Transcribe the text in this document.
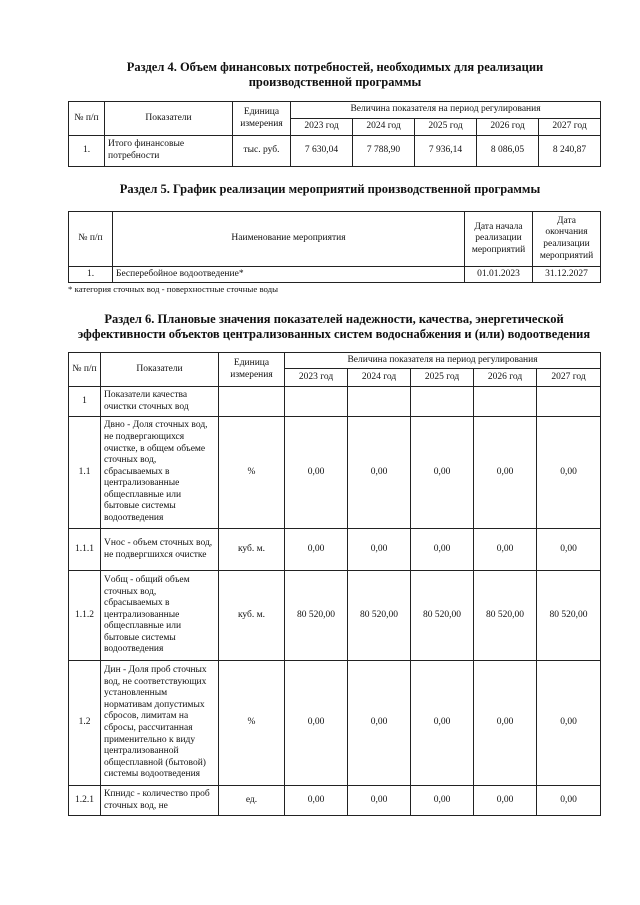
Раздел 4. Объем финансовых потребностей, необходимых для реализации производственной программы
№ п/п	Показатели	Единица измерения	Величина показателя на период регулирования				
			2023 год	2024 год	2025 год	2026 год	2027 год
1.	Итого финансовые потребности	тыс. руб.	7 630,04	7 788,90	7 936,14	8 086,05	8 240,87
Раздел 5. График реализации мероприятий производственной программы
№ п/п	Наименование мероприятия	Дата начала реализации мероприятий	Дата окончания реализации мероприятий
1.	Бесперебойное водоотведение*	01.01.2023	31.12.2027
* категория сточных вод - поверхностные сточные воды
Раздел 6. Плановые значения показателей надежности, качества, энергетической эффективности объектов централизованных систем водоснабжения и (или) водоотведения
№ п/п	Показатели	Единица измерения	Величина показателя на период регулирования				
			2023 год	2024 год	2025 год	2026 год	2027 год
1	Показатели качества очистки сточных вод						
1.1	Двно - Доля сточных вод, не подвергающихся очистке, в общем объеме сточных вод, сбрасываемых в централизованные общесплавные или бытовые системы водоотведения	%	0,00	0,00	0,00	0,00	0,00
1.1.1	Vнос - объем сточных вод, не подвергшихся очистке	куб. м.	0,00	0,00	0,00	0,00	0,00
1.1.2	Vобщ - общий объем сточных вод, сбрасываемых в централизованные общесплавные или бытовые системы водоотведения	куб. м.	80 520,00	80 520,00	80 520,00	80 520,00	80 520,00
1.2	Дин - Доля проб сточных вод, не соответствующих установленным нормативам допустимых сбросов, лимитам на сбросы, рассчитанная применительно к виду централизованной общесплавной (бытовой) системы водоотведения	%	0,00	0,00	0,00	0,00	0,00
1.2.1	Кпнидс - количество проб сточных вод, не	ед.	0,00	0,00	0,00	0,00	0,00
